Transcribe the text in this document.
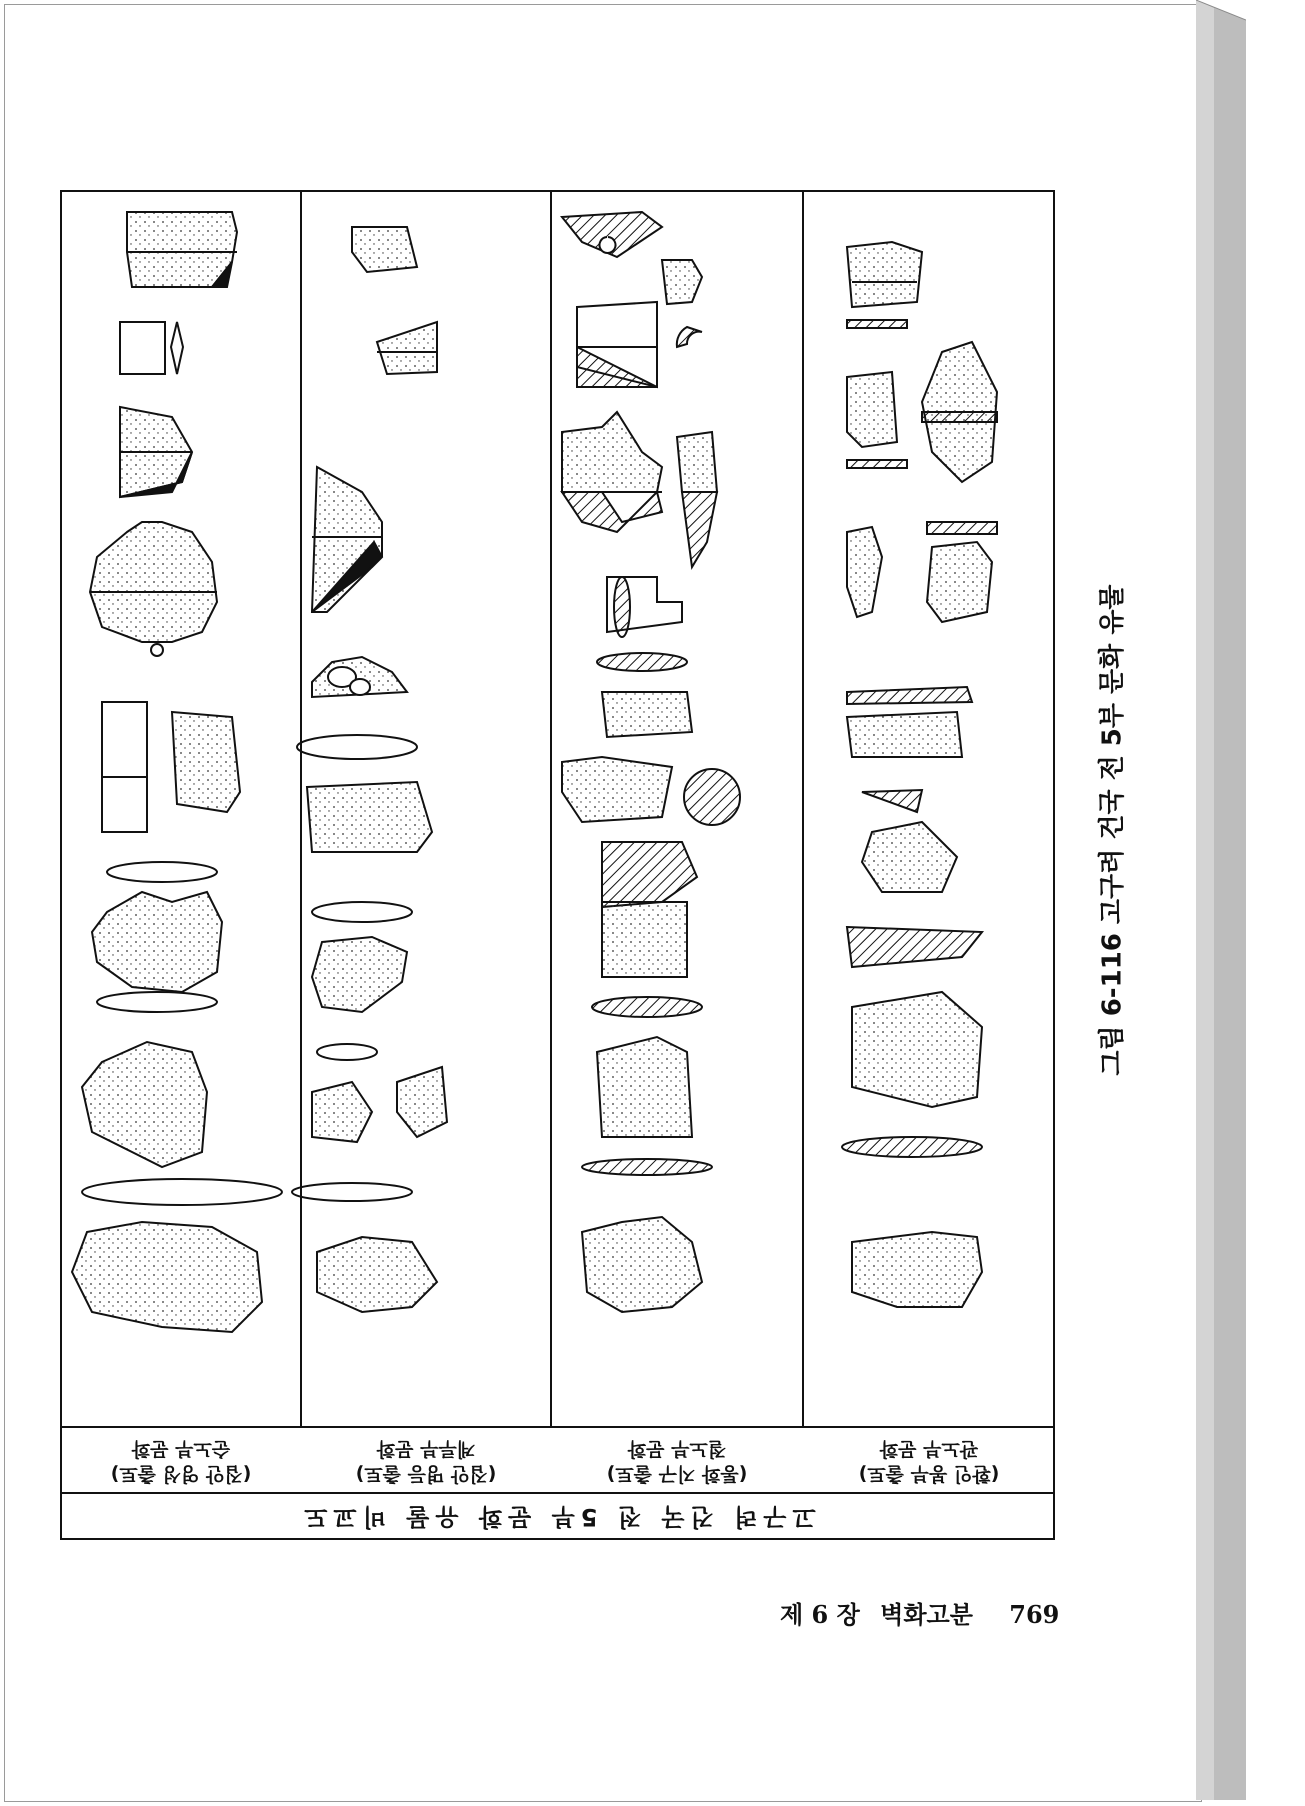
(집안 영성 출토)
순노부 문화
(집안 명등 출토)
계루부 문화
(통화 지구 출토)
절노부 문화
(환인 봉부 출토)
관노부 문화
고구려 건국 전 5부 문화 유물 비교도
그림 6-116 고구려 건국 전 5부 문화 유물
제 6 장 벽화고분 769
